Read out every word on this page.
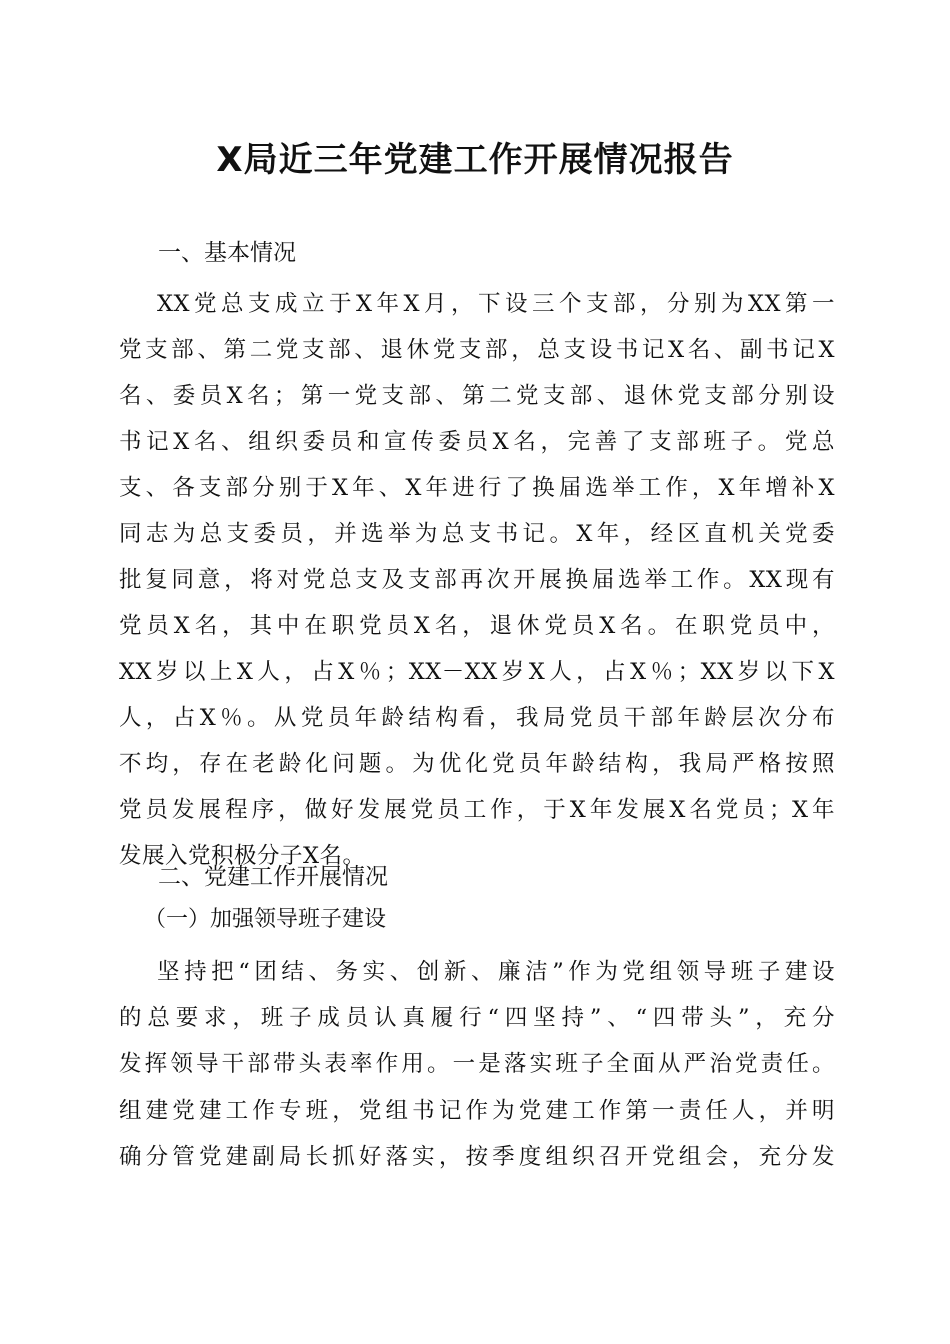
X局近三年党建工作开展情况报告
一、基本情况
XX党总支成立于X年X月，下设三个支部，分别为XX第一
党支部、第二党支部、退休党支部，总支设书记X名、副书记X
名、委员X名；第一党支部、第二党支部、退休党支部分别设
书记X名、组织委员和宣传委员X名，完善了支部班子。党总
支、各支部分别于X年、X年进行了换届选举工作，X年增补X
同志为总支委员，并选举为总支书记。X年，经区直机关党委
批复同意，将对党总支及支部再次开展换届选举工作。XX现有
党员X名，其中在职党员X名，退休党员X名。在职党员中，
XX岁以上X人，占X％；XX－XX岁X人，占X％；XX岁以下X
人，占X％。从党员年龄结构看，我局党员干部年龄层次分布
不均，存在老龄化问题。为优化党员年龄结构，我局严格按照
党员发展程序，做好发展党员工作，于X年发展X名党员；X年
发展入党积极分子X名。
二、党建工作开展情况
（一）加强领导班子建设
坚持把“团结、务实、创新、廉洁”作为党组领导班子建设
的总要求，班子成员认真履行“四坚持”、“四带头”，充分
发挥领导干部带头表率作用。一是落实班子全面从严治党责任。
组建党建工作专班，党组书记作为党建工作第一责任人，并明
确分管党建副局长抓好落实，按季度组织召开党组会，充分发
